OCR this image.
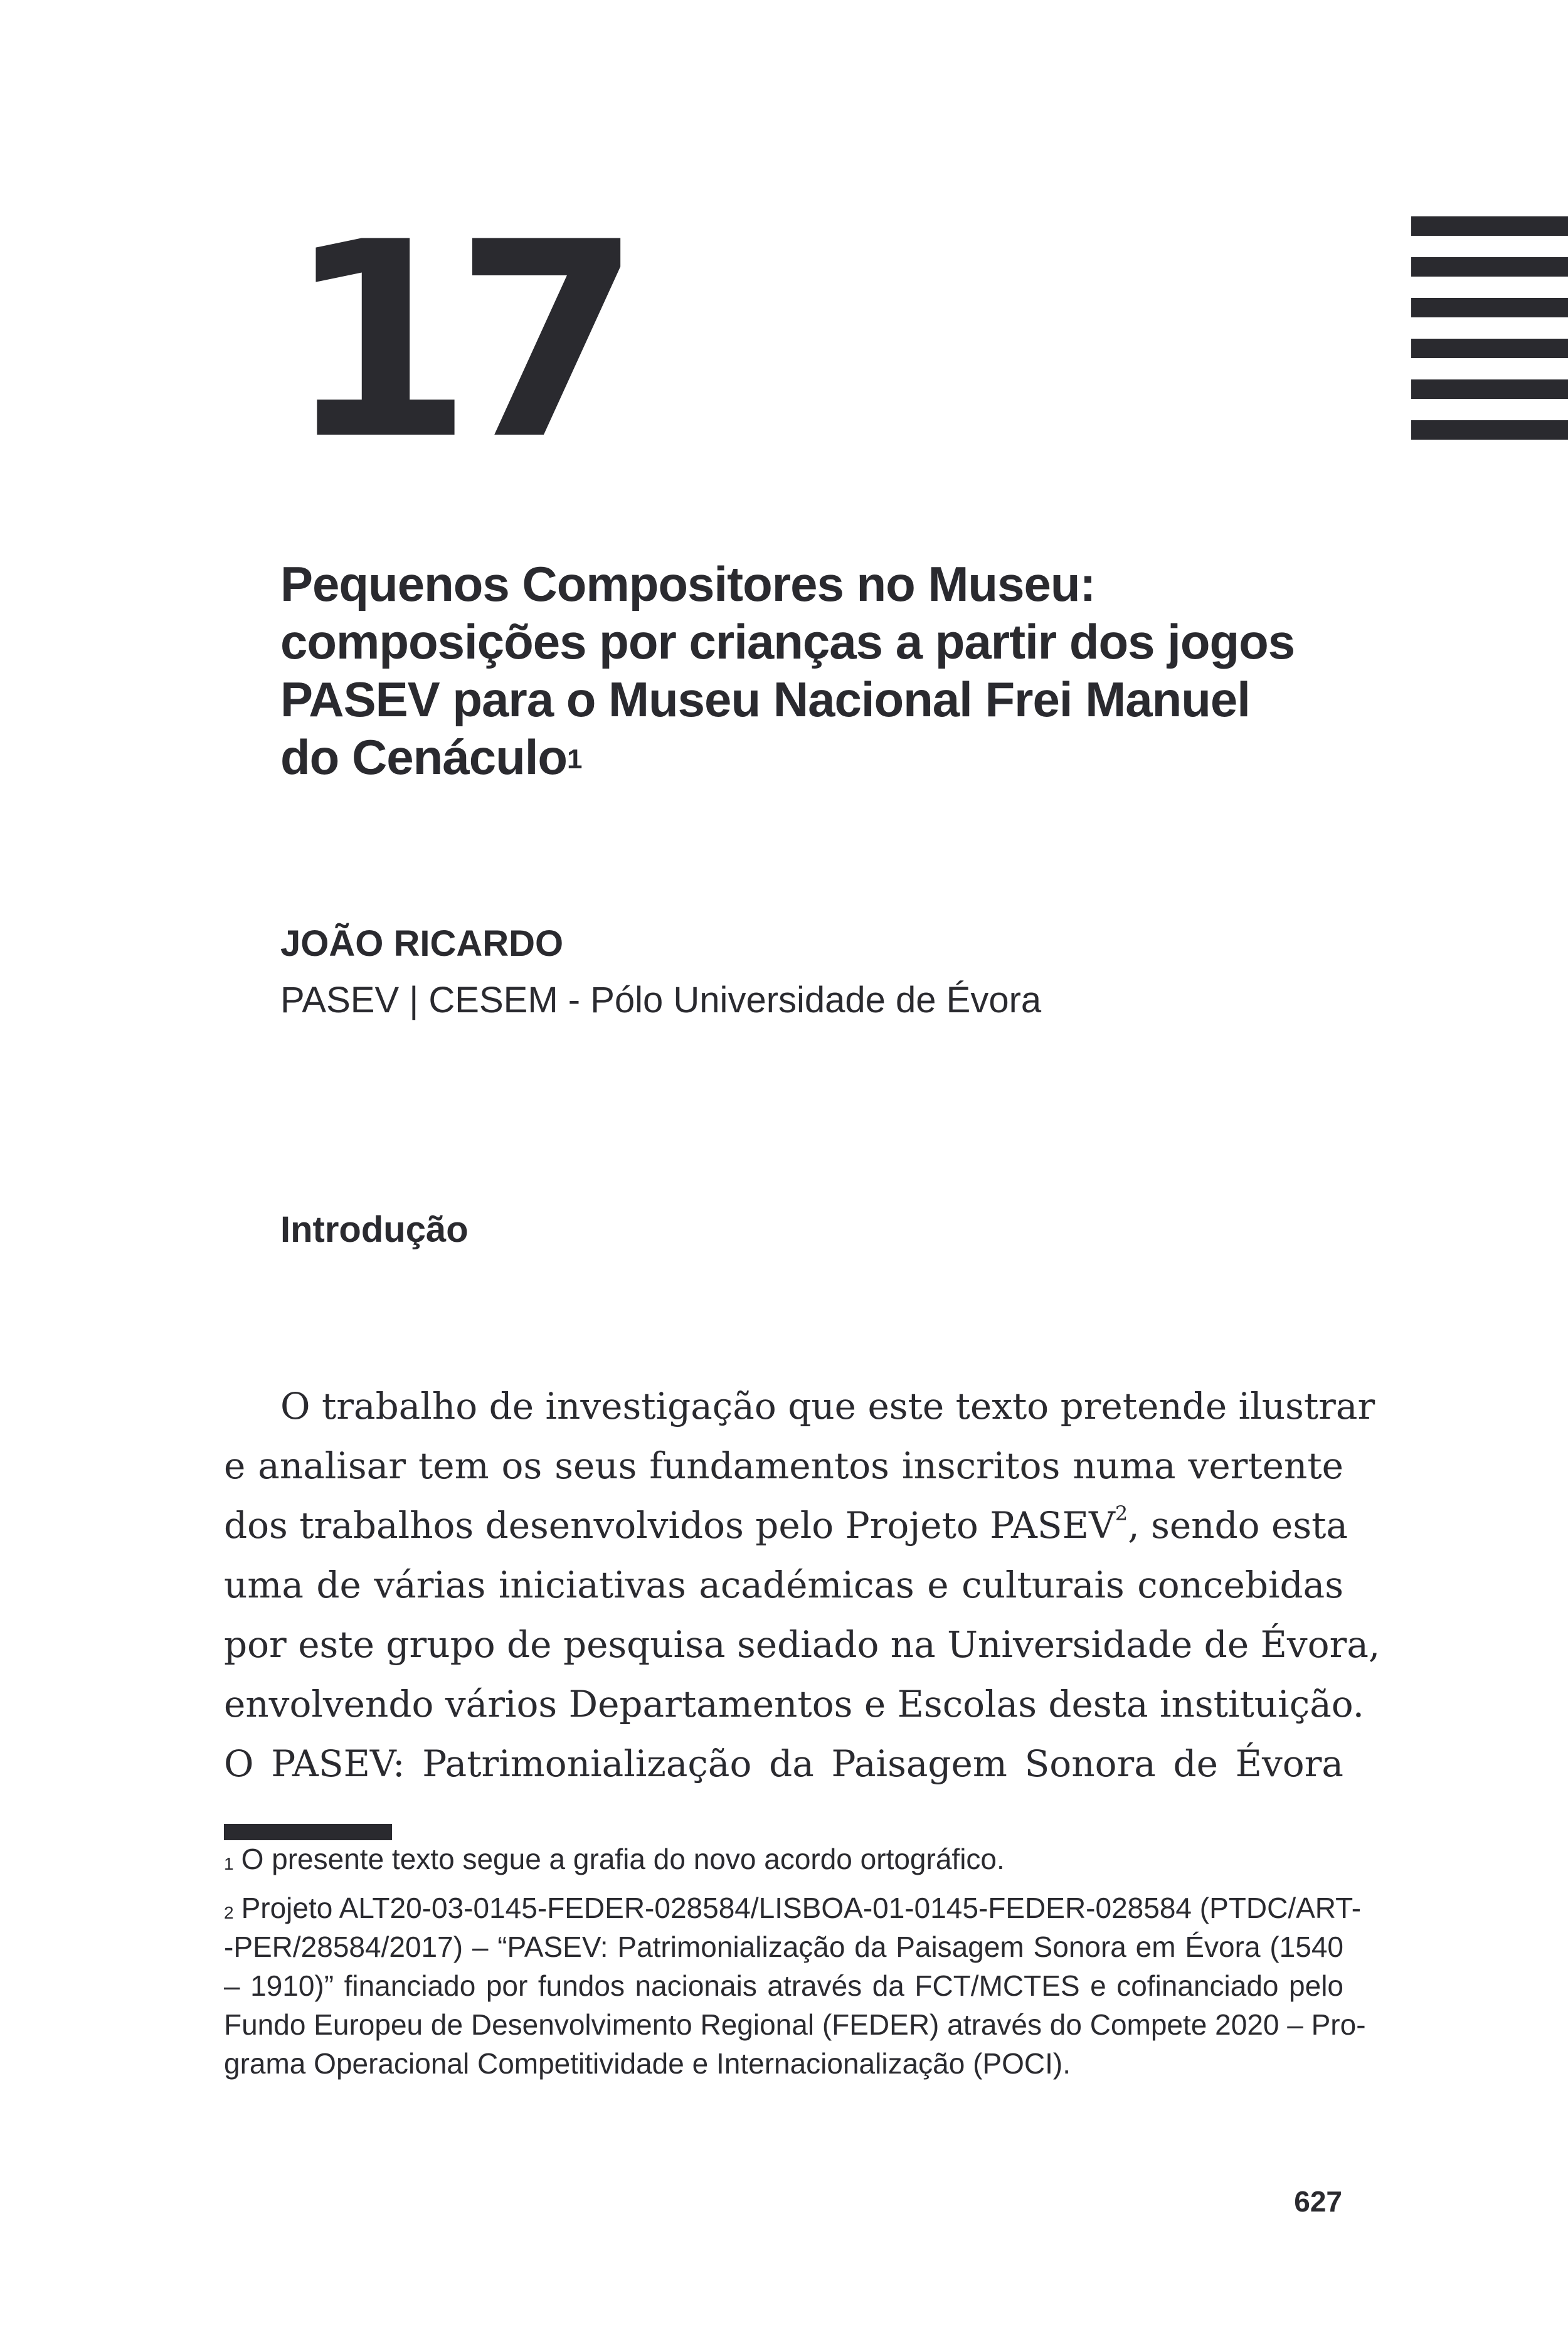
17
Pequenos Compositores no Museu:
composições por crianças a partir dos jogos
PASEV para o Museu Nacional Frei Manuel
do Cenáculo$^1$
JOÃO RICARDO
PASEV | CESEM - Pólo Universidade de Évora
Introdução
O trabalho de investigação que este texto pretende ilustrar
e analisar tem os seus fundamentos inscritos numa vertente
dos trabalhos desenvolvidos pelo Projeto PASEV$^2$, sendo esta
uma de várias iniciativas académicas e culturais concebidas
por este grupo de pesquisa sediado na Universidade de Évora,
envolvendo vários Departamentos e Escolas desta instituição.
O PASEV: Patrimonialização da Paisagem Sonora de Évora
$^1$ O presente texto segue a grafia do novo acordo ortográfico.
$^2$ Projeto ALT20-03-0145-FEDER-028584/LISBOA-01-0145-FEDER-028584 (PTDC/ART-
-PER/28584/2017) – “PASEV: Patrimonialização da Paisagem Sonora em Évora (1540
– 1910)” financiado por fundos nacionais através da FCT/MCTES e cofinanciado pelo
Fundo Europeu de Desenvolvimento Regional (FEDER) através do Compete 2020 – Pro-
grama Operacional Competitividade e Internacionalização (POCI).
627
